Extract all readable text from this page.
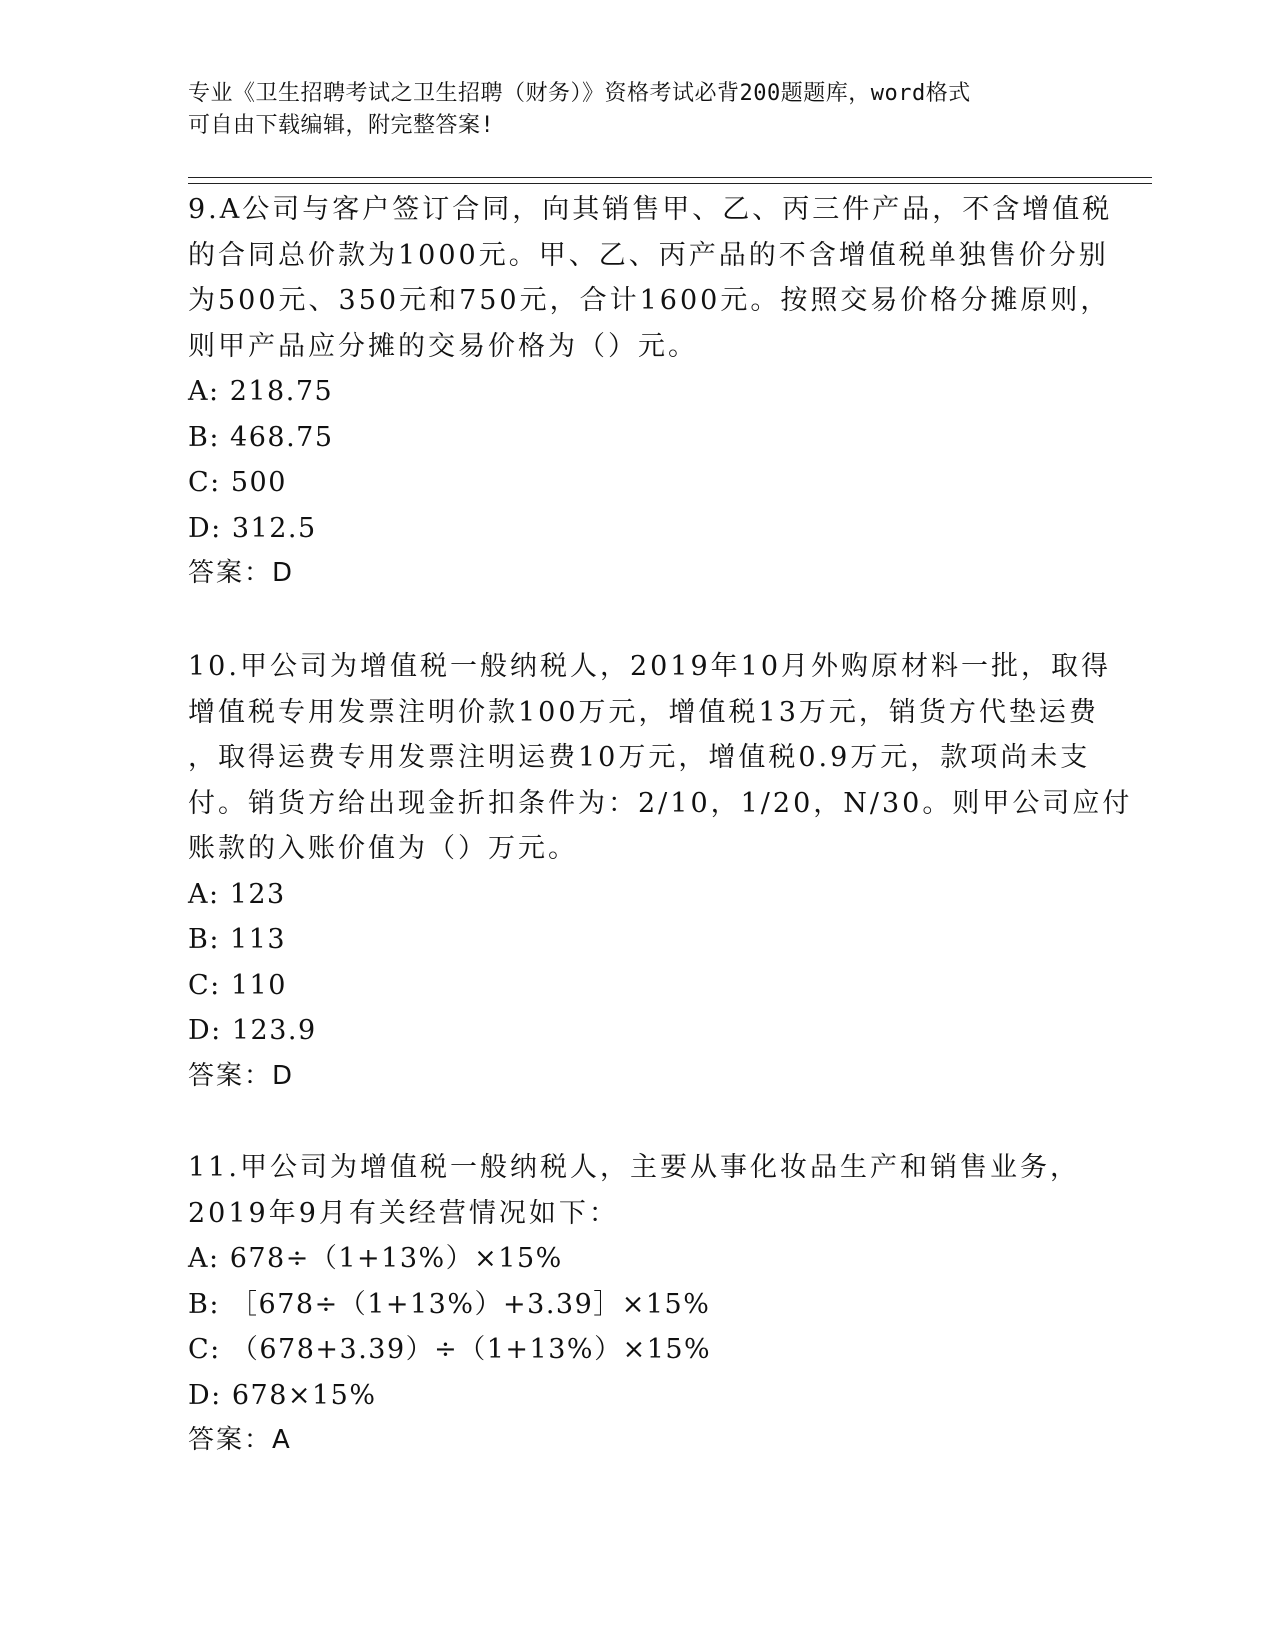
专业《卫生招聘考试之卫生招聘（财务）》资格考试必背200题题库，word格式
可自由下载编辑，附完整答案!
9.A公司与客户签订合同，向其销售甲、乙、丙三件产品，不含增值税
的合同总价款为1000元。甲、乙、丙产品的不含增值税单独售价分别
为500元、350元和750元，合计1600元。按照交易价格分摊原则，
则甲产品应分摊的交易价格为（）元。
A: 218.75
B: 468.75
C: 500
D: 312.5
答案：D
10.甲公司为增值税一般纳税人，2019年10月外购原材料一批，取得
增值税专用发票注明价款100万元，增值税13万元，销货方代垫运费
，取得运费专用发票注明运费10万元，增值税0.9万元，款项尚未支
付。销货方给出现金折扣条件为：2/10，1/20，N/30。则甲公司应付
账款的入账价值为（）万元。
A: 123
B: 113
C: 110
D: 123.9
答案：D
11.甲公司为增值税一般纳税人，主要从事化妆品生产和销售业务，
2019年9月有关经营情况如下：
A: 678÷（1+13%）×15%
B: ［678÷（1+13%）+3.39］×15%
C: （678+3.39）÷（1+13%）×15%
D: 678×15%
答案：A
